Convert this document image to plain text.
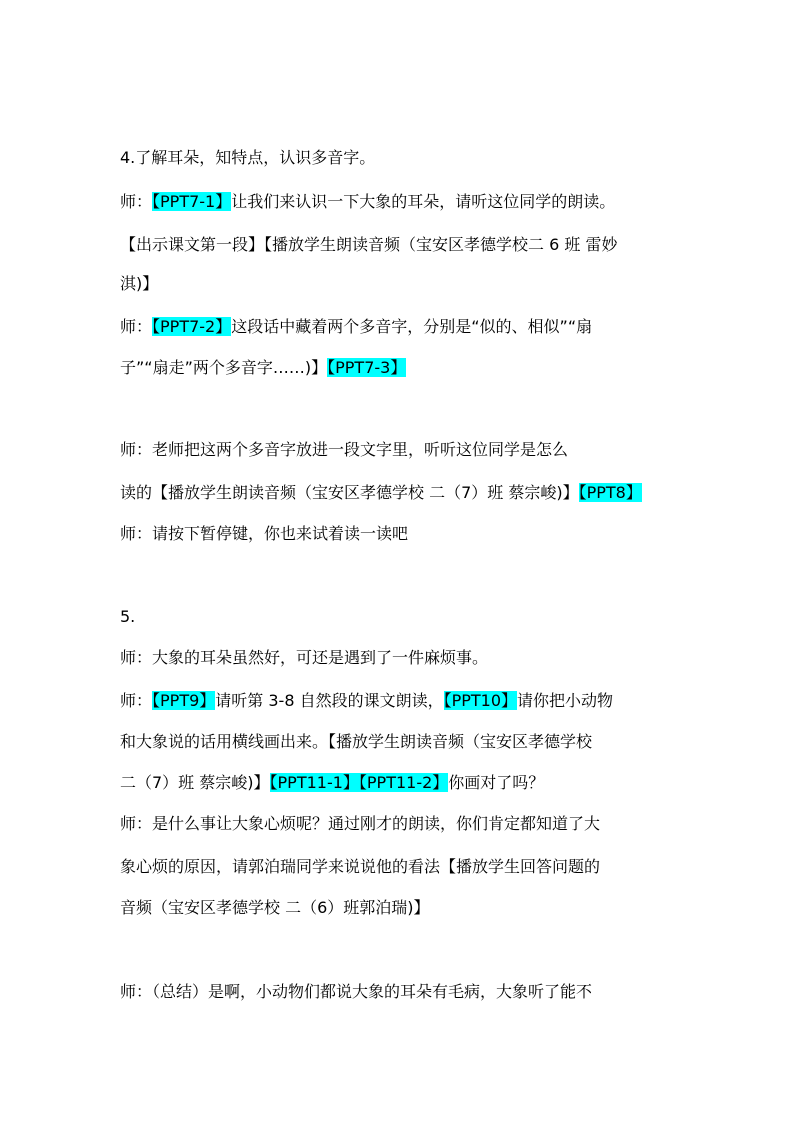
4.了解耳朵，知特点，认识多音字。
师：【PPT7-1】让我们来认识一下大象的耳朵，请听这位同学的朗读。
【出示课文第一段】【播放学生朗读音频（宝安区孝德学校二 6 班 雷妙
淇)】
师：【PPT7-2】这段话中藏着两个多音字，分别是“似的、相似”“扇
子”“扇走”两个多音字……)】【PPT7-3】
师：老师把这两个多音字放进一段文字里，听听这位同学是怎么
读的【播放学生朗读音频（宝安区孝德学校 二（7）班 蔡宗峻)】【PPT8】
师：请按下暂停键，你也来试着读一读吧
5.
师：大象的耳朵虽然好，可还是遇到了一件麻烦事。
师：【PPT9】请听第 3-8 自然段的课文朗读，【PPT10】请你把小动物
和大象说的话用横线画出来。【播放学生朗读音频（宝安区孝德学校
二（7）班 蔡宗峻)】【PPT11-1】【PPT11-2】你画对了吗？
师：是什么事让大象心烦呢？通过刚才的朗读，你们肯定都知道了大
象心烦的原因，请郭泊瑞同学来说说他的看法【播放学生回答问题的
音频（宝安区孝德学校 二（6）班郭泊瑞)】
师：（总结）是啊，小动物们都说大象的耳朵有毛病，大象听了能不
